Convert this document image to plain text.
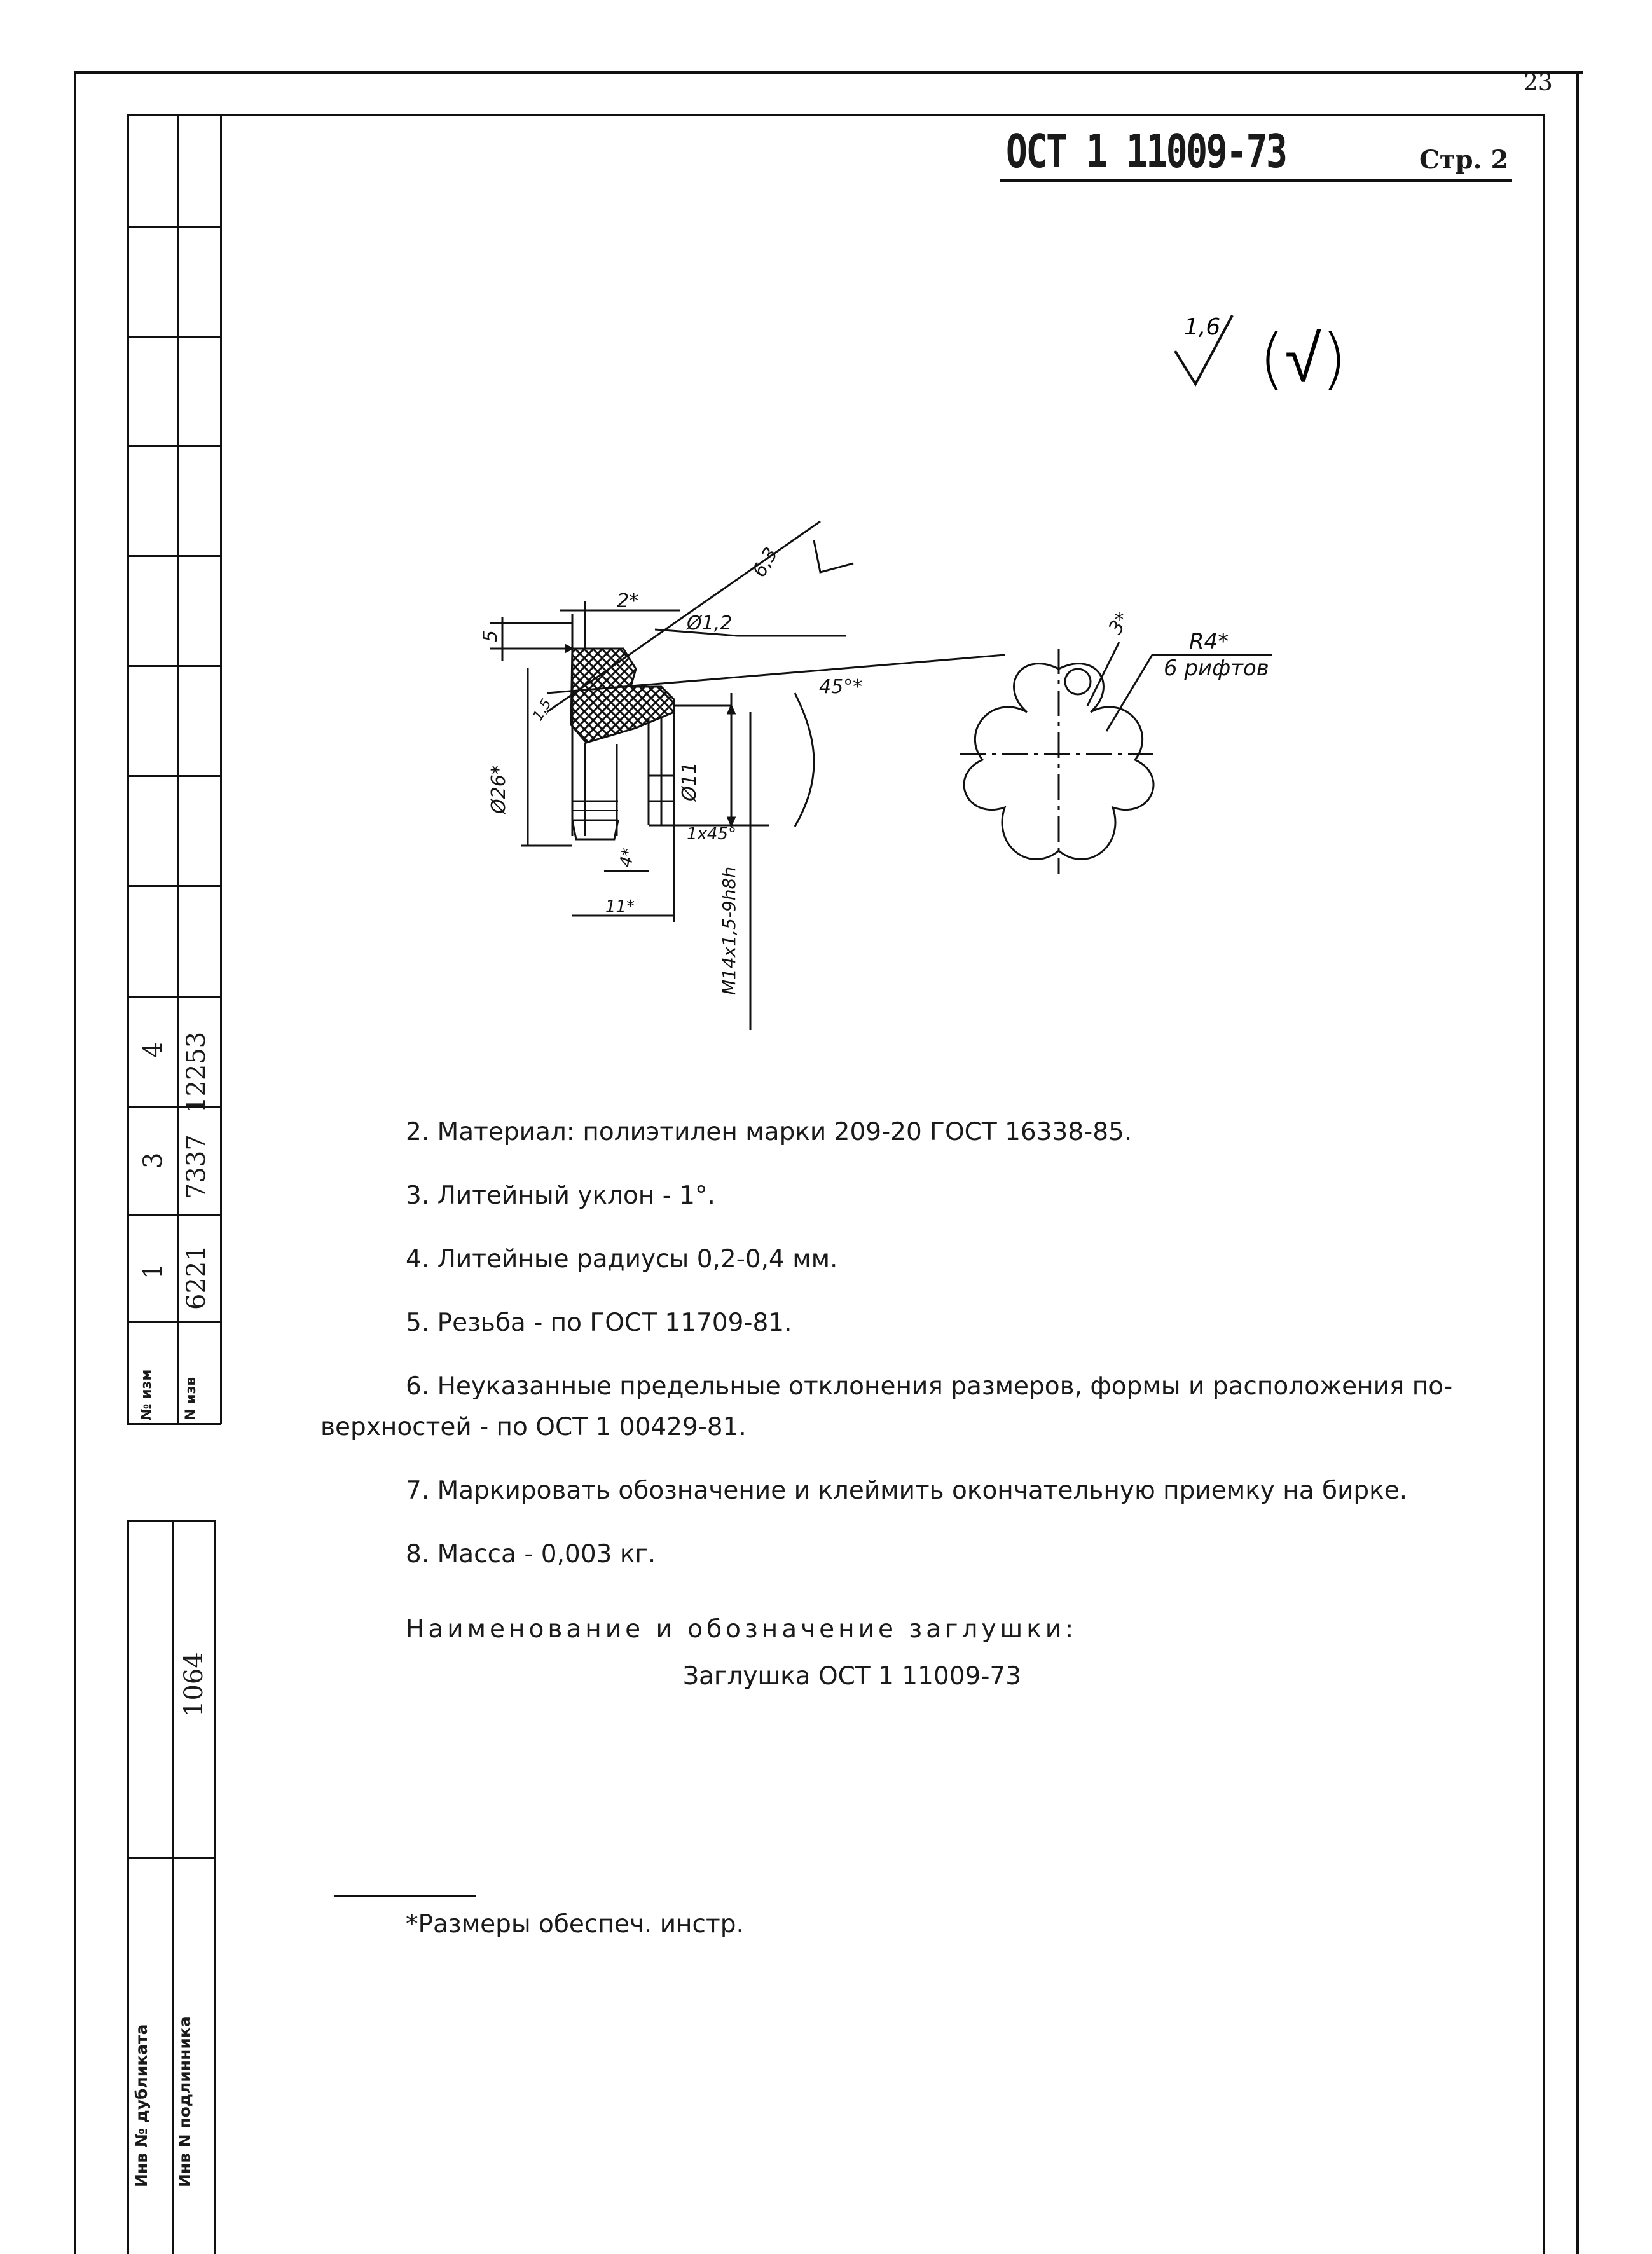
№ изм N изв
1 6221
3 7337
4 12253
1064
Инв № дубликата Инв N подлинника
23
ОСТ 1 11009-73	Стр. 2
1,6 (√)
2*
5
Ø1,2
6,3
45°*
Ø26*
1,5
Ø11
1x45°
4*
11*	M14x1,5-9h8h
3*
R4*
6 рифтов
2. Материал: полиэтилен марки 209-20 ГОСТ 16338-85.
3. Литейный уклон - 1°.
4. Литейные радиусы 0,2-0,4 мм.
5. Резьба - по ГОСТ 11709-81.
6. Неуказанные предельные отклонения размеров, формы и расположения по-
верхностей - по ОСТ 1 00429-81.
7. Маркировать обозначение и клеймить окончательную приемку на бирке.
8. Масса - 0,003 кг.
Наименование и обозначение заглушки:
Заглушка ОСТ 1 11009-73
*Размеры обеспеч. инстр.
